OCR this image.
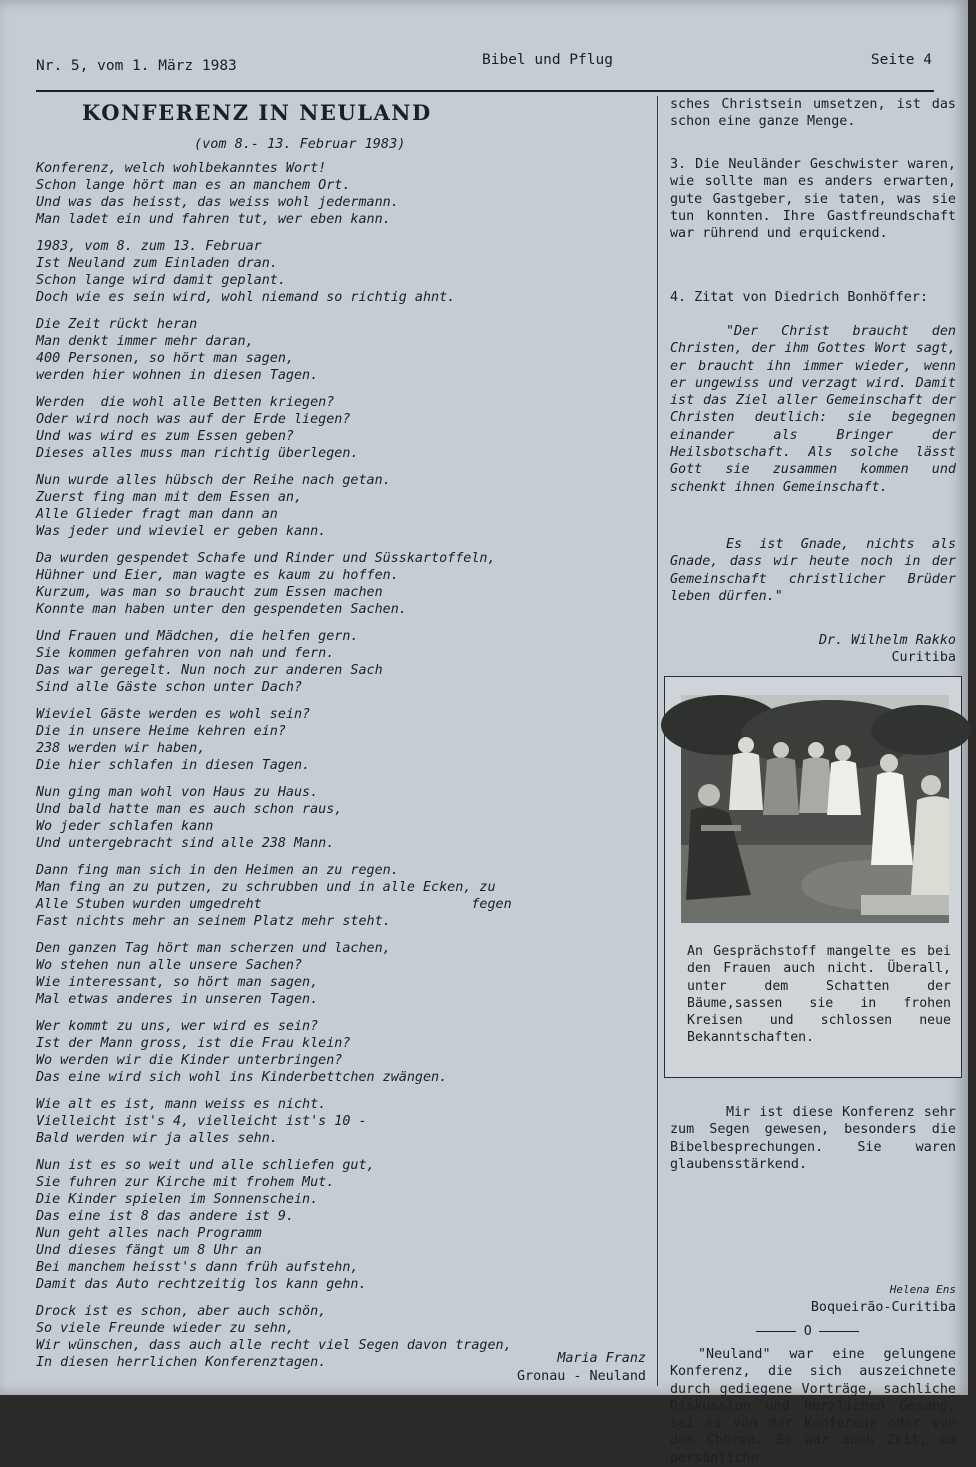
Nr. 5, vom 1. März 1983	Bibel und Pflug	Seite 4
KONFERENZ IN NEULAND
(vom 8.- 13. Februar 1983)
Konferenz, welch wohlbekanntes Wort!
Schon lange hört man es an manchem Ort.
Und was das heisst, das weiss wohl jedermann.
Man ladet ein und fahren tut, wer eben kann.
1983, vom 8. zum 13. Februar
Ist Neuland zum Einladen dran.
Schon lange wird damit geplant.
Doch wie es sein wird, wohl niemand so richtig ahnt.
Die Zeit rückt heran
Man denkt immer mehr daran,
400 Personen, so hört man sagen,
werden hier wohnen in diesen Tagen.
Werden  die wohl alle Betten kriegen?
Oder wird noch was auf der Erde liegen?
Und was wird es zum Essen geben?
Dieses alles muss man richtig überlegen.
Nun wurde alles hübsch der Reihe nach getan.
Zuerst fing man mit dem Essen an,
Alle Glieder fragt man dann an
Was jeder und wieviel er geben kann.
Da wurden gespendet Schafe und Rinder und Süsskartoffeln,
Hühner und Eier, man wagte es kaum zu hoffen.
Kurzum, was man so braucht zum Essen machen
Konnte man haben unter den gespendeten Sachen.
Und Frauen und Mädchen, die helfen gern.
Sie kommen gefahren von nah und fern.
Das war geregelt. Nun noch zur anderen Sach
Sind alle Gäste schon unter Dach?
Wieviel Gäste werden es wohl sein?
Die in unsere Heime kehren ein?
238 werden wir haben,
Die hier schlafen in diesen Tagen.
Nun ging man wohl von Haus zu Haus.
Und bald hatte man es auch schon raus,
Wo jeder schlafen kann
Und untergebracht sind alle 238 Mann.
Dann fing man sich in den Heimen an zu regen.
Man fing an zu putzen, zu schrubben und in alle Ecken, zu
Alle Stuben wurden umgedreht                          fegen
Fast nichts mehr an seinem Platz mehr steht.
Den ganzen Tag hört man scherzen und lachen,
Wo stehen nun alle unsere Sachen?
Wie interessant, so hört man sagen,
Mal etwas anderes in unseren Tagen.
Wer kommt zu uns, wer wird es sein?
Ist der Mann gross, ist die Frau klein?
Wo werden wir die Kinder unterbringen?
Das eine wird sich wohl ins Kinderbettchen zwängen.
Wie alt es ist, mann weiss es nicht.
Vielleicht ist's 4, vielleicht ist's 10 -
Bald werden wir ja alles sehn.
Nun ist es so weit und alle schliefen gut,
Sie fuhren zur Kirche mit frohem Mut.
Die Kinder spielen im Sonnenschein.
Das eine ist 8 das andere ist 9.
Nun geht alles nach Programm
Und dieses fängt um 8 Uhr an
Bei manchem heisst's dann früh aufstehn,
Damit das Auto rechtzeitig los kann gehn.
Drock ist es schon, aber auch schön,
So viele Freunde wieder zu sehn,
Wir wünschen, dass auch alle recht viel Segen davon tragen,
In diesen herrlichen Konferenztagen.	Maria Franz
Gronau - Neuland
sches Christsein umsetzen, ist das schon eine ganze Menge.
3. Die Neuländer Geschwister waren, wie sollte man es anders erwarten, gute Gastgeber, sie taten, was sie tun konnten. Ihre Gastfreundschaft war rührend und erquickend.
4. Zitat von Diedrich Bonhöffer:
"Der Christ braucht den Christen, der ihm Gottes Wort sagt, er braucht ihn immer wieder, wenn er ungewiss und verzagt wird. Damit ist das Ziel aller Gemeinschaft der Christen deutlich: sie begegnen einander als Bringer der Heilsbotschaft. Als solche lässt Gott sie zusammen kommen und schenkt ihnen Gemeinschaft.
Es ist Gnade, nichts als Gnade, dass wir heute noch in der Gemeinschaft christlicher Brüder leben dürfen."
Dr. Wilhelm Rakko
Curitiba
An Gesprächstoff mangelte es bei den Frauen auch nicht. Überall, unter dem Schatten der Bäume,sassen sie in frohen Kreisen und schlossen neue Bekanntschaften.
Mir ist diese Konferenz sehr zum Segen gewesen, besonders die Bibelbesprechungen. Sie waren glaubensstärkend.
Helena Ens
Boqueirão-Curitiba
O
"Neuland" war eine gelungene Konferenz, die sich auszeichnete durch gediegene Vorträge, sachliche Diskussion und herzlichen Gesang, sei es von der Konferenz oder von den Chören. Es war auch Zeit, um persönliche
